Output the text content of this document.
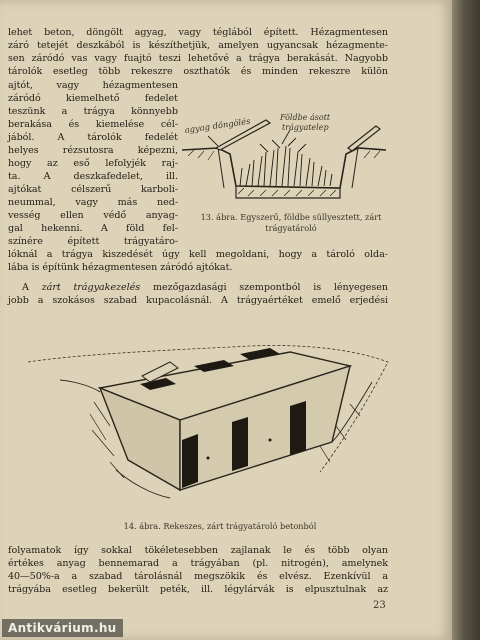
lehet beton, döngölt agyag, vagy téglából épített. Hézagmentesen
záró tetejét deszkából is készíthetjük, amelyen ugyancsak hézagmente-
sen záródó vas vagy fuajtó teszi lehetővé a trágya berakását. Nagyobb
tárolók esetleg több rekeszre oszthatók és minden rekeszre külön
ajtót, vagy hézagmentesen
záródó kiemelhető fedelet
teszünk a trágya könnyebb
berakása és kiemelése cél-
jából. A tárolók fedelét
helyes rézsutosra képezni,
hogy az eső lefolyjék raj-
ta. A deszkafedelet, ill.
ajtókat célszerű karboli-
neummal, vagy más ned-
vesség ellen védő anyag-
gal hekenni. A föld fel-
színére épített trágyatáro-
agyag döngölés	Földbe ásott
trágyatelep
13. ábra. Egyszerű, földbe süllyesztett, zárt
trágyatároló
lóknál a trágya kiszedését úgy kell megoldani, hogy a tároló olda-
lába is építünk hézagmentesen záródó ajtókat.
A zárt trágyakezelés mezőgazdasági szempontból is lényegesen
jobb a szokásos szabad kupacolásnál. A trágyaértéket emelő erjedési
14. ábra. Rekeszes, zárt trágyatároló betonból
folyamatok így sokkal tökéletesebben zajlanak le és több olyan
értékes anyag bennemarad a trágyában (pl. nitrogén), amelynek
40—50%-a a szabad tárolásnál megszökik és elvész. Ezenkívül a
trágyába esetleg bekerült peték, ill. légylárvák is elpusztulnak az
23
Antikvárium.hu
